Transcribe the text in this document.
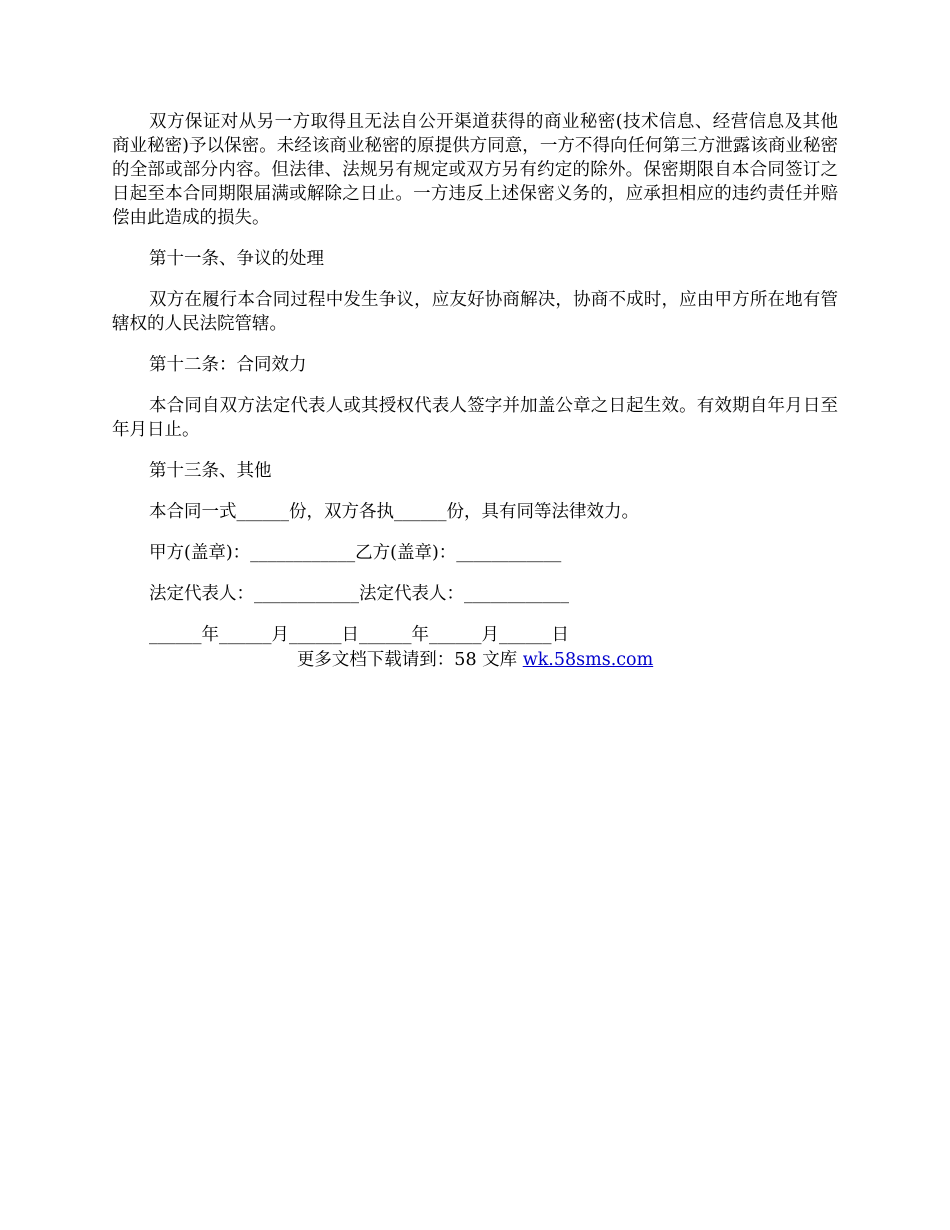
双方保证对从另一方取得且无法自公开渠道获得的商业秘密(技术信息、经营信息及其他商业秘密)予以保密。未经该商业秘密的原提供方同意，一方不得向任何第三方泄露该商业秘密的全部或部分内容。但法律、法规另有规定或双方另有约定的除外。保密期限自本合同签订之日起至本合同期限届满或解除之日止。一方违反上述保密义务的，应承担相应的违约责任并赔偿由此造成的损失。

第十一条、争议的处理

双方在履行本合同过程中发生争议，应友好协商解决，协商不成时，应由甲方所在地有管辖权的人民法院管辖。

第十二条：合同效力

本合同自双方法定代表人或其授权代表人签字并加盖公章之日起生效。有效期自年月日至年月日止。

第十三条、其他

本合同一式______份，双方各执______份，具有同等法律效力。

甲方(盖章)：____________乙方(盖章)：____________

法定代表人：____________法定代表人：____________

______年______月______日______年______月______日

更多文档下载请到：58 文库 wk.58sms.com
